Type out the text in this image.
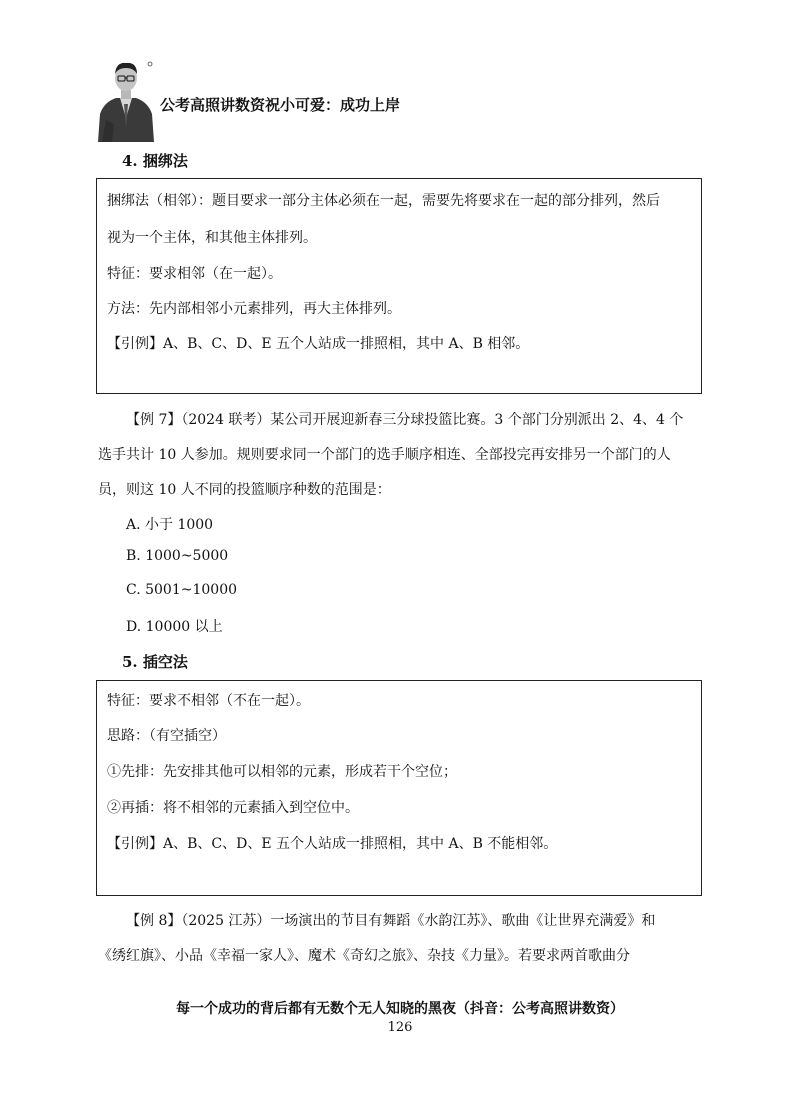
公考高照讲数资祝小可爱：成功上岸
4. 捆绑法

捆绑法（相邻）：题目要求一部分主体必须在一起，需要先将要求在一起的部分排列，然后

视为一个主体，和其他主体排列。

特征：要求相邻（在一起）。

方法：先内部相邻小元素排列，再大主体排列。

【引例】A、B、C、D、E 五个人站成一排照相，其中 A、B 相邻。

【例 7】（2024 联考）某公司开展迎新春三分球投篮比赛。3 个部门分别派出 2、4、4 个

选手共计 10 人参加。规则要求同一个部门的选手顺序相连、全部投完再安排另一个部门的人

员，则这 10 人不同的投篮顺序种数的范围是：

A. 小于 1000

B. 1000~5000

C. 5001~10000

D. 10000 以上

5. 插空法

特征：要求不相邻（不在一起）。

思路：（有空插空）

①先排：先安排其他可以相邻的元素，形成若干个空位；

②再插：将不相邻的元素插入到空位中。

【引例】A、B、C、D、E 五个人站成一排照相，其中 A、B 不能相邻。

【例 8】（2025 江苏）一场演出的节目有舞蹈《水韵江苏》、歌曲《让世界充满爱》和

《绣红旗》、小品《幸福一家人》、魔术《奇幻之旅》、杂技《力量》。若要求两首歌曲分

每一个成功的背后都有无数个无人知晓的黑夜（抖音：公考高照讲数资）
126
